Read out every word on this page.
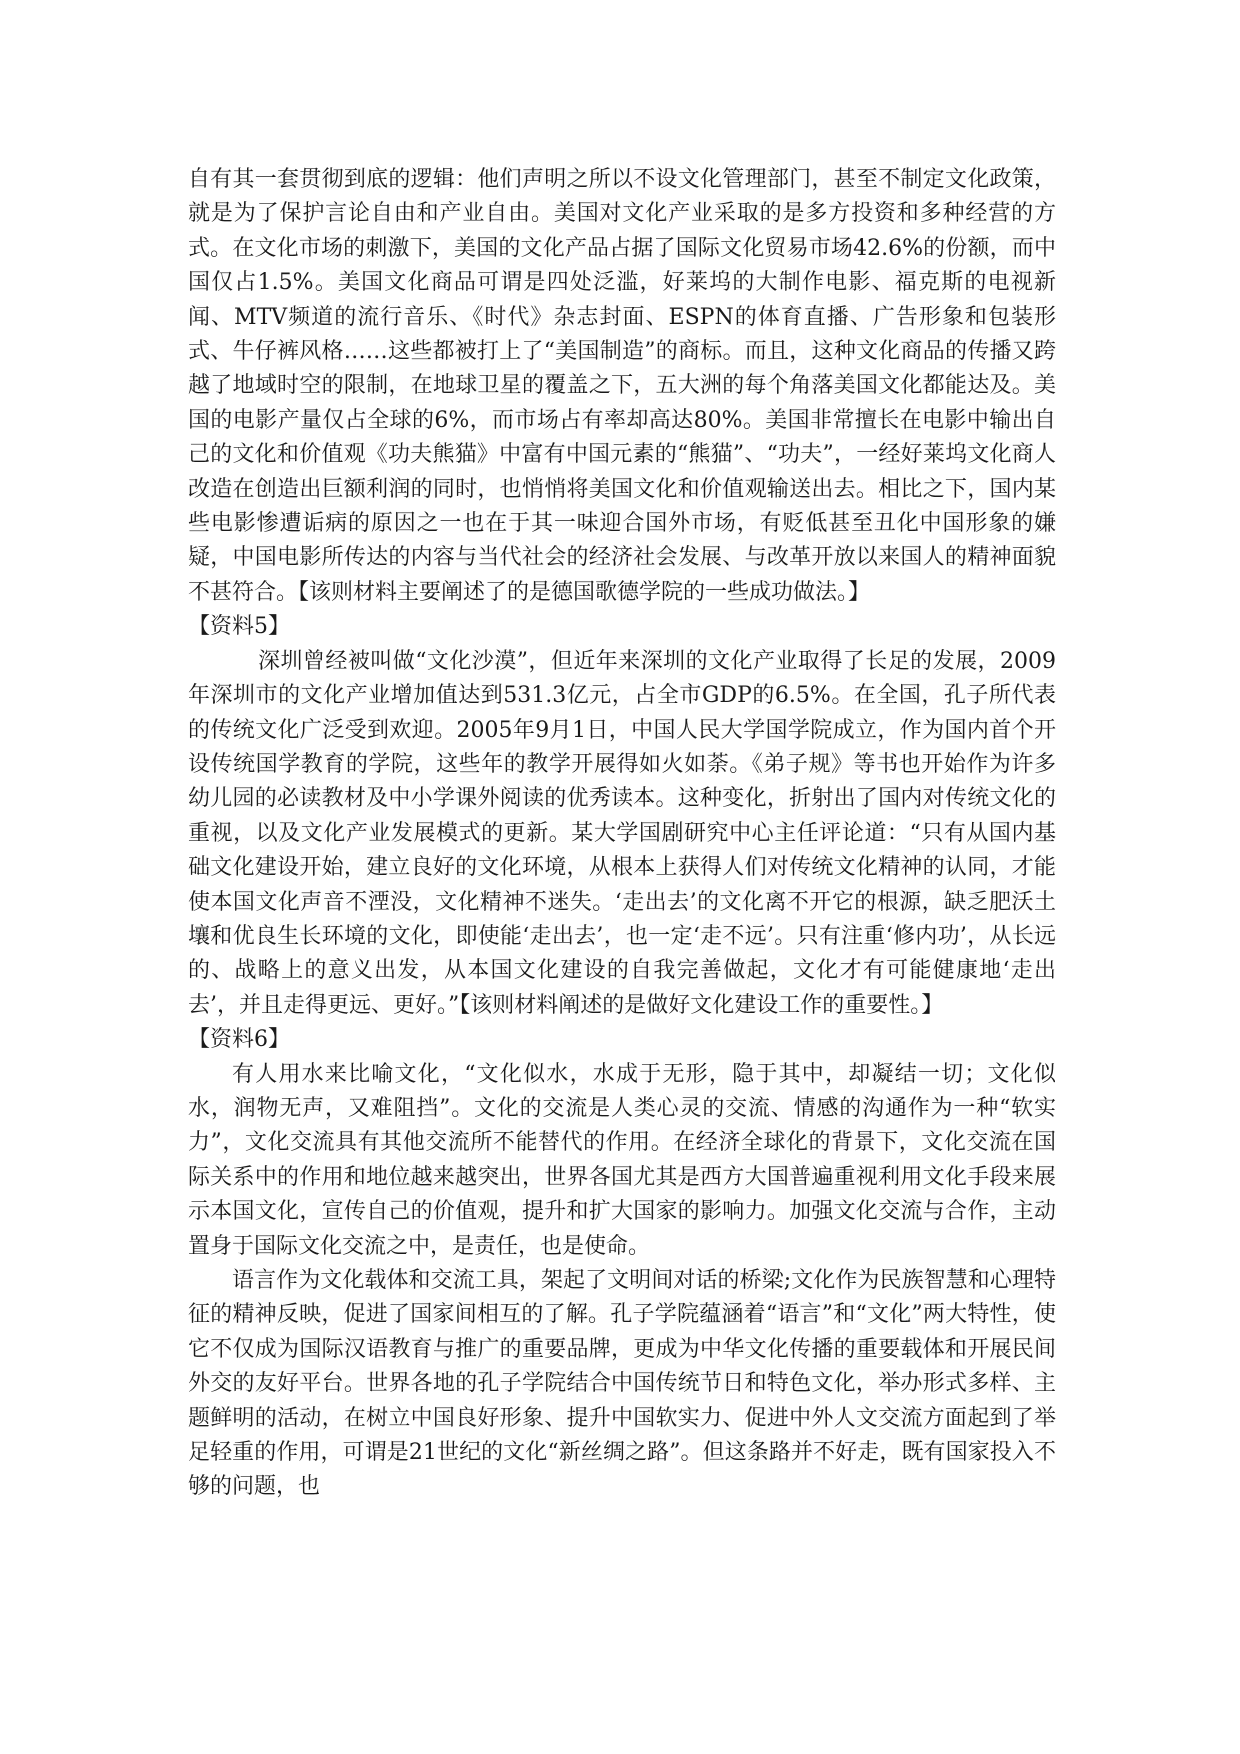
自有其一套贯彻到底的逻辑：他们声明之所以不设文化管理部门，甚至不制定文化政策，就是为了保护言论自由和产业自由。美国对文化产业采取的是多方投资和多种经营的方式。在文化市场的刺激下，美国的文化产品占据了国际文化贸易市场42.6%的份额，而中国仅占1.5%。美国文化商品可谓是四处泛滥，好莱坞的大制作电影、福克斯的电视新闻、MTV频道的流行音乐、《时代》杂志封面、ESPN的体育直播、广告形象和包装形式、牛仔裤风格……这些都被打上了“美国制造”的商标。而且，这种文化商品的传播又跨越了地域时空的限制，在地球卫星的覆盖之下，五大洲的每个角落美国文化都能达及。美国的电影产量仅占全球的6%，而市场占有率却高达80%。美国非常擅长在电影中输出自己的文化和价值观《功夫熊猫》中富有中国元素的“熊猫”、“功夫”，一经好莱坞文化商人改造在创造出巨额利润的同时，也悄悄将美国文化和价值观输送出去。相比之下，国内某些电影惨遭诟病的原因之一也在于其一味迎合国外市场，有贬低甚至丑化中国形象的嫌疑，中国电影所传达的内容与当代社会的经济社会发展、与改革开放以来国人的精神面貌不甚符合。【该则材料主要阐述了的是德国歌德学院的一些成功做法。】

【资料5】

深圳曾经被叫做“文化沙漠”，但近年来深圳的文化产业取得了长足的发展，2009年深圳市的文化产业增加值达到531.3亿元，占全市GDP的6.5%。在全国，孔子所代表的传统文化广泛受到欢迎。2005年9月1日，中国人民大学国学院成立，作为国内首个开设传统国学教育的学院，这些年的教学开展得如火如荼。《弟子规》等书也开始作为许多幼儿园的必读教材及中小学课外阅读的优秀读本。这种变化，折射出了国内对传统文化的重视，以及文化产业发展模式的更新。某大学国剧研究中心主任评论道：“只有从国内基础文化建设开始，建立良好的文化环境，从根本上获得人们对传统文化精神的认同，才能使本国文化声音不湮没，文化精神不迷失。‘走出去’的文化离不开它的根源，缺乏肥沃土壤和优良生长环境的文化，即使能‘走出去’，也一定‘走不远’。只有注重‘修内功’，从长远的、战略上的意义出发，从本国文化建设的自我完善做起，文化才有可能健康地‘走出去’，并且走得更远、更好。”【该则材料阐述的是做好文化建设工作的重要性。】

【资料6】

有人用水来比喻文化，“文化似水，水成于无形，隐于其中，却凝结一切；文化似水，润物无声，又难阻挡”。文化的交流是人类心灵的交流、情感的沟通作为一种“软实力”，文化交流具有其他交流所不能替代的作用。在经济全球化的背景下，文化交流在国际关系中的作用和地位越来越突出，世界各国尤其是西方大国普遍重视利用文化手段来展示本国文化，宣传自己的价值观，提升和扩大国家的影响力。加强文化交流与合作，主动置身于国际文化交流之中，是责任，也是使命。

语言作为文化载体和交流工具，架起了文明间对话的桥梁;文化作为民族智慧和心理特征的精神反映，促进了国家间相互的了解。孔子学院蕴涵着“语言”和“文化”两大特性，使它不仅成为国际汉语教育与推广的重要品牌，更成为中华文化传播的重要载体和开展民间外交的友好平台。世界各地的孔子学院结合中国传统节日和特色文化，举办形式多样、主题鲜明的活动，在树立中国良好形象、提升中国软实力、促进中外人文交流方面起到了举足轻重的作用，可谓是21世纪的文化“新丝绸之路”。但这条路并不好走，既有国家投入不够的问题，也
